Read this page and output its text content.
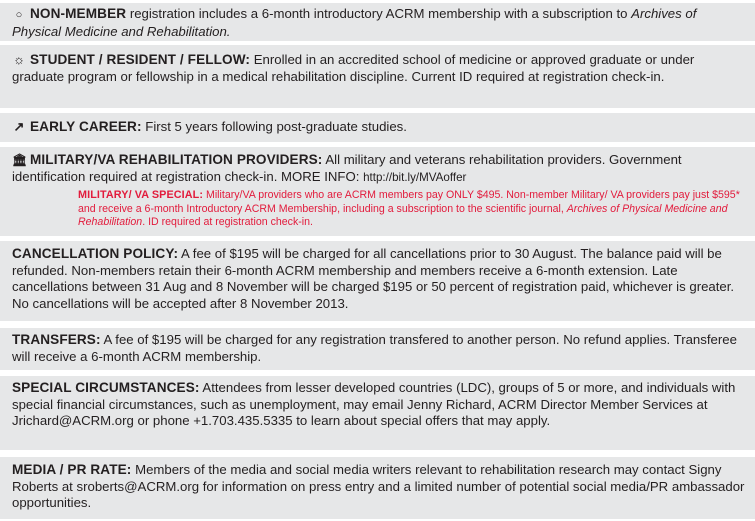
○ NON-MEMBER registration includes a 6-month introductory ACRM membership with a subscription to Archives of Physical Medicine and Rehabilitation.
☼ STUDENT / RESIDENT / FELLOW: Enrolled in an accredited school of medicine or approved graduate or under graduate program or fellowship in a medical rehabilitation discipline. Current ID required at registration check-in.
↗ EARLY CAREER: First 5 years following post-graduate studies.
🏛 MILITARY/VA REHABILITATION PROVIDERS: All military and veterans rehabilitation providers. Government identification required at registration check-in. MORE INFO: http://bit.ly/MVAoffer
MILITARY/ VA SPECIAL: Military/VA providers who are ACRM members pay ONLY $495. Non-member Military/ VA providers pay just $595* and receive a 6-month Introductory ACRM Membership, including a subscription to the scientific journal, Archives of Physical Medicine and Rehabilitation. ID required at registration check-in.
CANCELLATION POLICY: A fee of $195 will be charged for all cancellations prior to 30 August. The balance paid will be refunded. Non-members retain their 6-month ACRM membership and members receive a 6-month extension. Late cancellations between 31 Aug and 8 November will be charged $195 or 50 percent of registration paid, whichever is greater. No cancellations will be accepted after 8 November 2013.
TRANSFERS: A fee of $195 will be charged for any registration transfered to another person. No refund applies. Transferee will receive a 6-month ACRM membership.
SPECIAL CIRCUMSTANCES: Attendees from lesser developed countries (LDC), groups of 5 or more, and individuals with special financial circumstances, such as unemployment, may email Jenny Richard, ACRM Director Member Services at Jrichard@ACRM.org or phone +1.703.435.5335 to learn about special offers that may apply.
MEDIA / PR RATE: Members of the media and social media writers relevant to rehabilitation research may contact Signy Roberts at sroberts@ACRM.org for information on press entry and a limited number of potential social media/PR ambassador opportunities.
